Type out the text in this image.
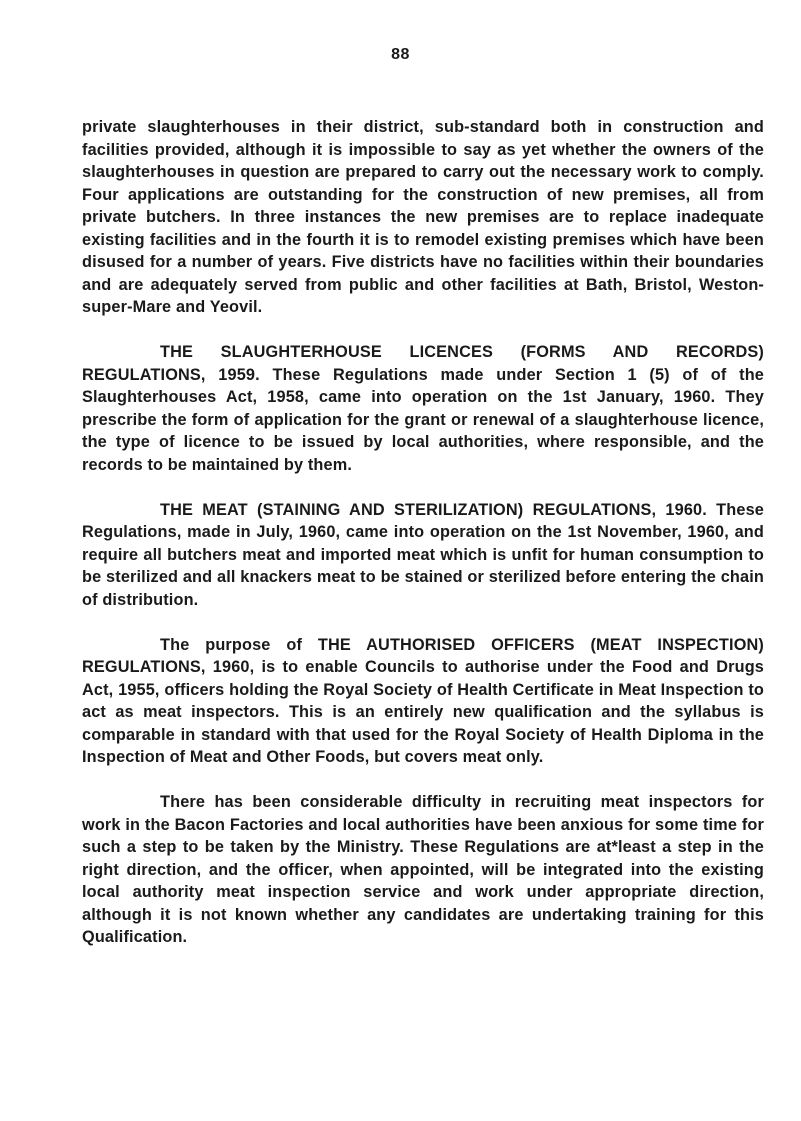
88

private slaughterhouses in their district, sub-standard both in construction and facilities provided, although it is impossible to say as yet whether the owners of the slaughterhouses in question are prepared to carry out the necessary work to comply. Four applications are outstanding for the construction of new premises, all from private butchers. In three instances the new premises are to replace inadequate existing facilities and in the fourth it is to remodel existing premises which have been disused for a number of years. Five districts have no facilities within their boundaries and are adequately served from public and other facilities at Bath, Bristol, Weston-super-Mare and Yeovil.

THE SLAUGHTERHOUSE LICENCES (FORMS AND RECORDS) REGULATIONS, 1959. These Regulations made under Section 1 (5) of of the Slaughterhouses Act, 1958, came into operation on the 1st January, 1960. They prescribe the form of application for the grant or renewal of a slaughterhouse licence, the type of licence to be issued by local authorities, where responsible, and the records to be maintained by them.

THE MEAT (STAINING AND STERILIZATION) REGULATIONS, 1960. These Regulations, made in July, 1960, came into operation on the 1st November, 1960, and require all butchers meat and imported meat which is unfit for human consumption to be sterilized and all knackers meat to be stained or sterilized before entering the chain of distribution.

The purpose of THE AUTHORISED OFFICERS (MEAT INSPECTION) REGULATIONS, 1960, is to enable Councils to authorise under the Food and Drugs Act, 1955, officers holding the Royal Society of Health Certificate in Meat Inspection to act as meat inspectors. This is an entirely new qualification and the syllabus is comparable in standard with that used for the Royal Society of Health Diploma in the Inspection of Meat and Other Foods, but covers meat only.

There has been considerable difficulty in recruiting meat inspectors for work in the Bacon Factories and local authorities have been anxious for some time for such a step to be taken by the Ministry. These Regulations are at*least a step in the right direction, and the officer, when appointed, will be integrated into the existing local authority meat inspection service and work under appropriate direction, although it is not known whether any candidates are undertaking training for this Qualification.
